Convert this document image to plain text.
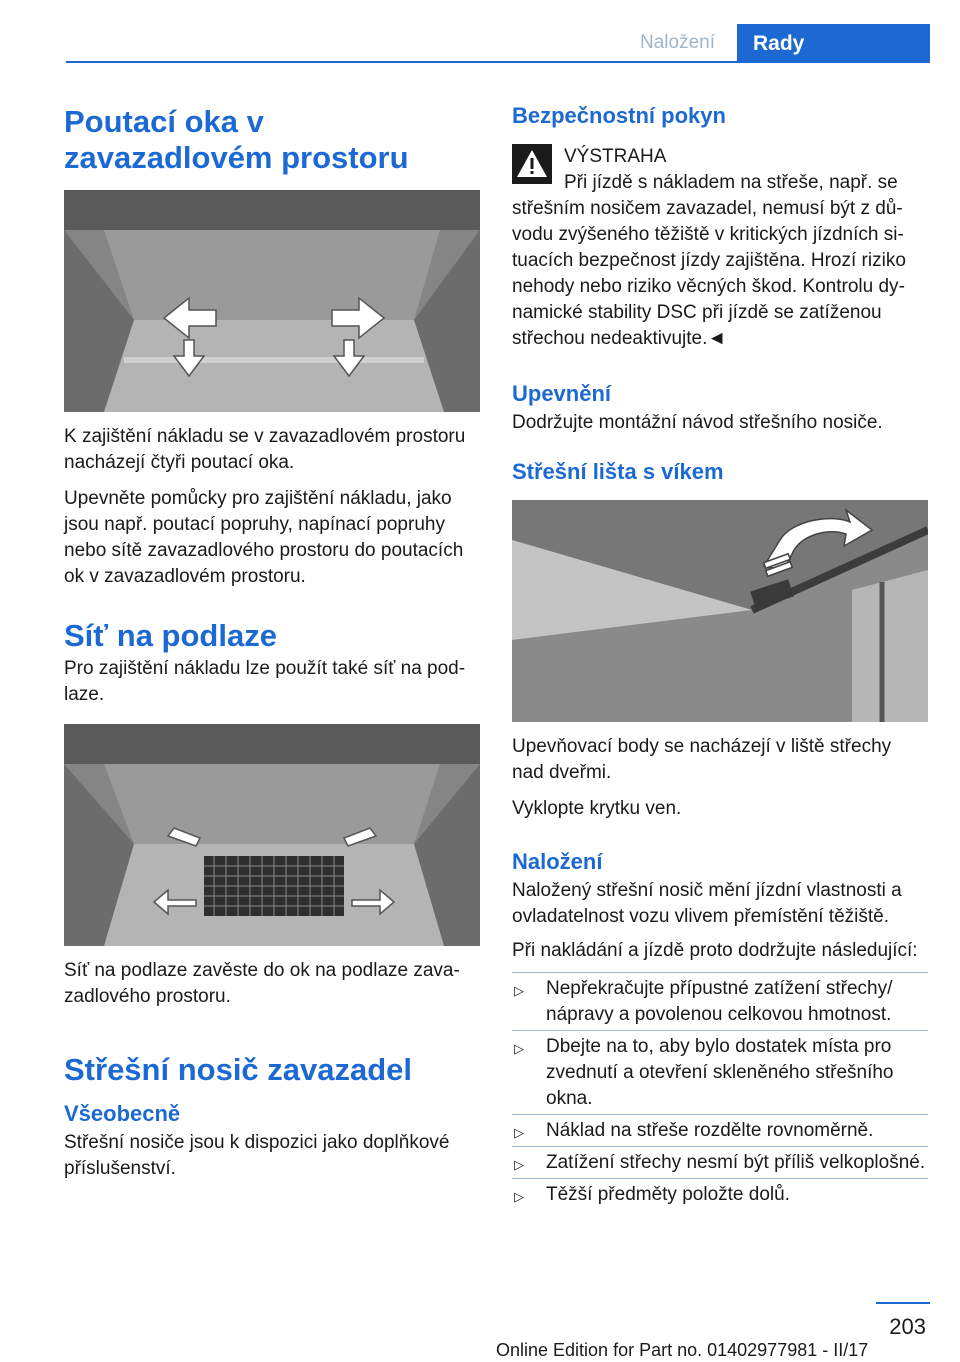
Naložení	Rady
Poutací oka v zavazadlovém prostoru

K zajištění nákladu se v zavazadlovém prostoru nacházejí čtyři poutací oka.

Upevněte pomůcky pro zajištění nákladu, jako jsou např. poutací popruhy, napínací popruhy nebo sítě zavazadlového prostoru do poutacích ok v zavazadlovém prostoru.

Síť na podlaze

Pro zajištění nákladu lze použít také síť na podlaze.

Síť na podlaze zavěste do ok na podlaze zavazadlového prostoru.

Střešní nosič zavazadel
Všeobecně

Střešní nosiče jsou k dispozici jako doplňkové příslušenství.

Bezpečnostní pokyn

VÝSTRAHA

Při jízdě s nákladem na střeše, např. se střešním nosičem zavazadel, nemusí být z důvodu zvýšeného těžiště v kritických jízdních situacích bezpečnost jízdy zajištěna. Hrozí riziko nehody nebo riziko věcných škod. Kontrolu dynamické stability DSC při jízdě se zatíženou střechou nedeaktivujte.◄

Upevnění

Dodržujte montážní návod střešního nosiče.

Střešní lišta s víkem

Upevňovací body se nacházejí v liště střechy nad dveřmi.

Vyklopte krytku ven.

Naložení

Naložený střešní nosič mění jízdní vlastnosti a ovladatelnost vozu vlivem přemístění těžiště.

Při nakládání a jízdě proto dodržujte následující:

▷ Nepřekračujte přípustné zatížení střechy/ nápravy a povolenou celkovou hmotnost.
▷ Dbejte na to, aby bylo dostatek místa pro zvednutí a otevření skleněného střešního okna.
▷ Náklad na střeše rozdělte rovnoměrně.
▷ Zatížení střechy nesmí být příliš velkoplošné.
▷ Těžší předměty položte dolů.
203
Online Edition for Part no. 01402977981 - II/17
